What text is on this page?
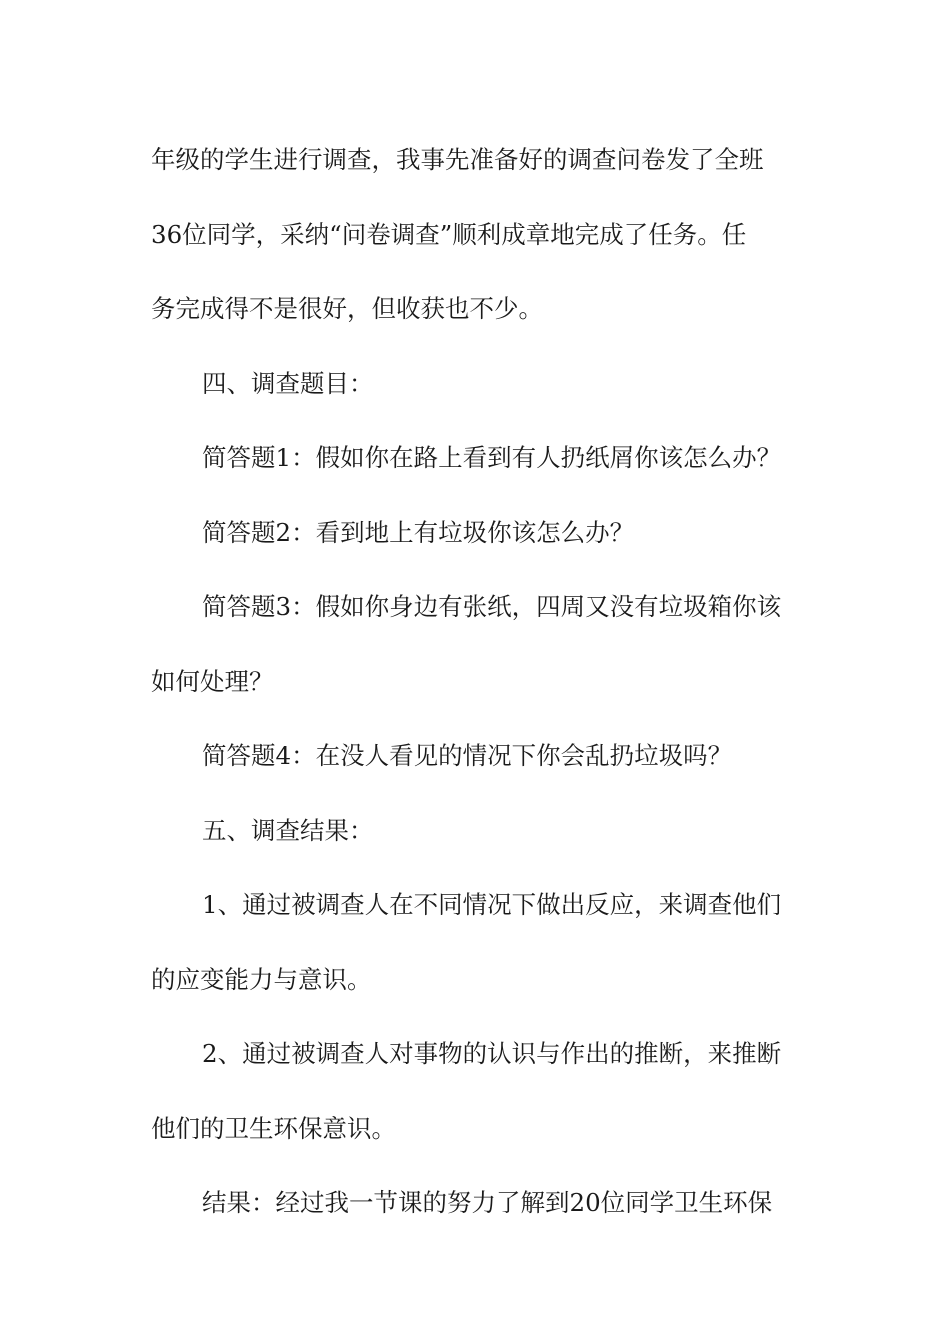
年级的学生进行调查，我事先准备好的调查问卷发了全班
36位同学，采纳“问卷调查”顺利成章地完成了任务。任
务完成得不是很好，但收获也不少。
四、调查题目：
简答题1：假如你在路上看到有人扔纸屑你该怎么办？
简答题2：看到地上有垃圾你该怎么办？
简答题3：假如你身边有张纸，四周又没有垃圾箱你该
如何处理？
简答题4：在没人看见的情况下你会乱扔垃圾吗？
五、调查结果：
1、通过被调查人在不同情况下做出反应，来调查他们
的应变能力与意识。
2、通过被调查人对事物的认识与作出的推断，来推断
他们的卫生环保意识。
结果：经过我一节课的努力了解到20位同学卫生环保
